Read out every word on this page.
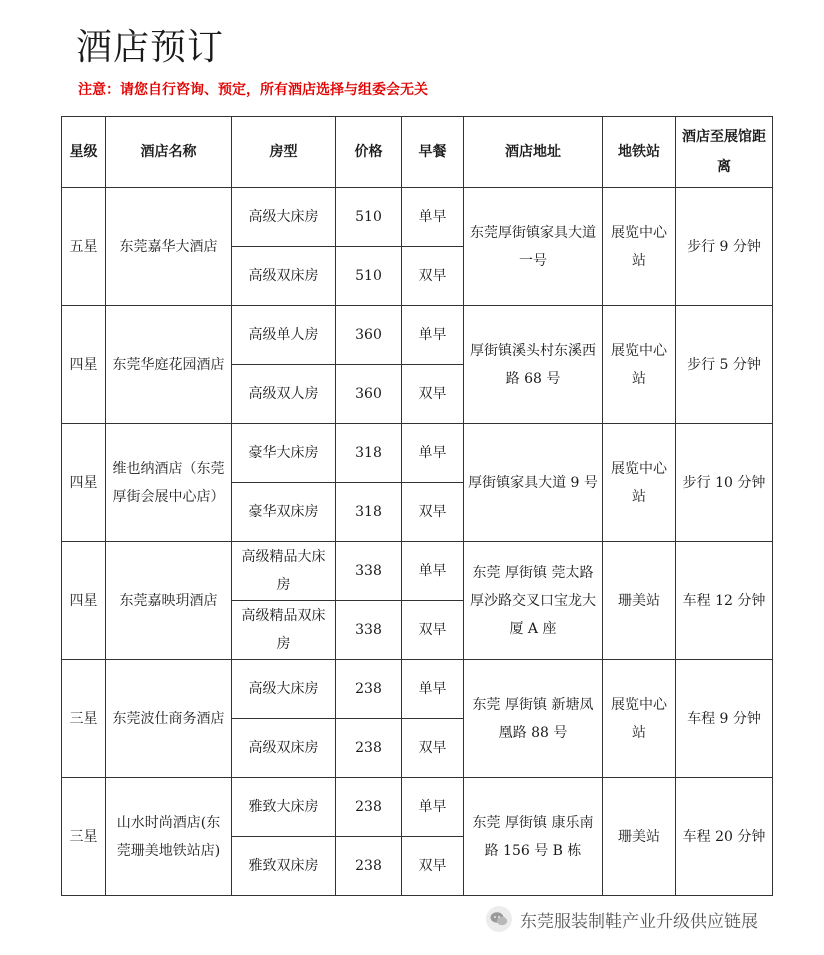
酒店预订
注意：请您自行咨询、预定，所有酒店选择与组委会无关
星级	酒店名称	房型	价格	早餐	酒店地址	地铁站	酒店至展馆距离
五星	东莞嘉华大酒店	高级大床房	510	单早	东莞厚街镇家具大道一号	展览中心站	步行 9 分钟
		高级双床房	510	双早			
四星	东莞华庭花园酒店	高级单人房	360	单早	厚街镇溪头村东溪西路 68 号	展览中心站	步行 5 分钟
		高级双人房	360	双早			
四星	维也纳酒店（东莞厚街会展中心店）	豪华大床房	318	单早	厚街镇家具大道 9 号	展览中心站	步行 10 分钟
		豪华双床房	318	双早			
四星	东莞嘉映玥酒店	高级精品大床房	338	单早	东莞 厚街镇 莞太路厚沙路交叉口宝龙大厦 A 座	珊美站	车程 12 分钟
		高级精品双床房	338	双早			
三星	东莞波仕商务酒店	高级大床房	238	单早	东莞 厚街镇 新塘凤凰路 88 号	展览中心站	车程 9 分钟
		高级双床房	238	双早			
三星	山水时尚酒店(东莞珊美地铁站店)	雅致大床房	238	单早	东莞 厚街镇 康乐南路 156 号 B 栋	珊美站	车程 20 分钟
		雅致双床房	238	双早			
东莞服装制鞋产业升级供应链展
